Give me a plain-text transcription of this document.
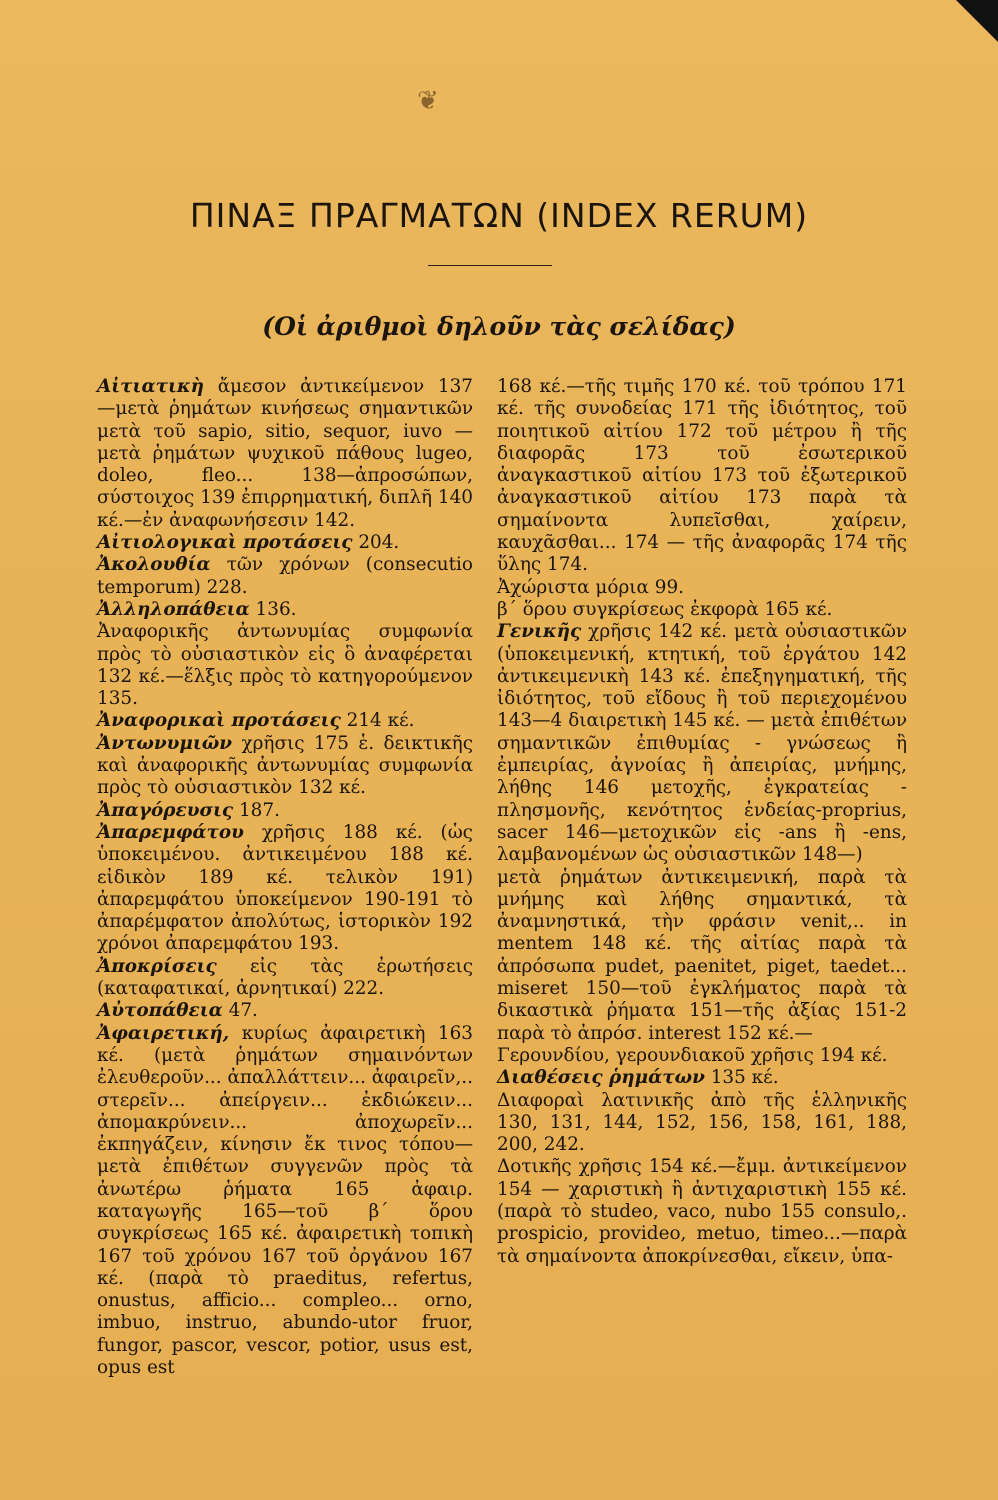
❦
ΠΙΝΑΞ ΠΡΑΓΜΑΤΩΝ (INDEX RERUM)
(Οἱ ἀριθμοὶ δηλοῦν τὰς σελίδας)

Αἰτιατικὴ ἄμεσον ἀντικείμενον 137 —μετὰ ῥημάτων κινήσεως σημαντικῶν μετὰ τοῦ sapio, sitio, sequor, iuvo —μετὰ ῥημάτων ψυχικοῦ πάθους lugeo, doleo, fleo... 138—ἀπροσώπων, σύστοιχος 139 ἐπιρρηματική, διπλῆ 140 κέ.—ἐν ἀναφωνήσεσιν 142.

Αἰτιολογικαὶ προτάσεις 204.

Ἀκολουθία τῶν χρόνων (consecutio temporum) 228.

Ἀλληλοπάθεια 136.

Ἀναφορικῆς ἀντωνυμίας συμφωνία πρὸς τὸ οὐσιαστικὸν εἰς ὃ ἀναφέρεται 132 κέ.—ἕλξις πρὸς τὸ κατηγορούμενον 135.

Ἀναφορικαὶ προτάσεις 214 κέ.

Ἀντωνυμιῶν χρῆσις 175 ἑ. δεικτικῆς καὶ ἀναφορικῆς ἀντωνυμίας συμφωνία πρὸς τὸ οὐσιαστικὸν 132 κέ.

Ἀπαγόρευσις 187.

Ἀπαρεμφάτου χρῆσις 188 κέ. (ὡς ὑποκειμένου. ἀντικειμένου 188 κέ. εἰδικὸν 189 κέ. τελικὸν 191) ἀπαρεμφάτου ὑποκείμενον 190-191 τὸ ἀπαρέμφατον ἀπολύτως, ἱστορικὸν 192 χρόνοι ἀπαρεμφάτου 193.

Ἀποκρίσεις εἰς τὰς ἐρωτήσεις (καταφατικαί, ἀρνητικαί) 222.

Αὐτοπάθεια 47.

Ἀφαιρετική, κυρίως ἀφαιρετικὴ 163 κέ. (μετὰ ῥημάτων σημαινόντων ἐλευθεροῦν... ἀπαλλάττειν... ἀφαιρεῖν,.. στερεῖν... ἀπείργειν... ἐκδιώκειν... ἀπομακρύνειν... ἀποχωρεῖν... ἐκπηγάζειν, κίνησιν ἔκ τινος τόπου—μετὰ ἐπιθέτων συγγενῶν πρὸς τὰ ἀνωτέρω ῥήματα 165 ἀφαιρ. καταγωγῆς 165—τοῦ β΄ ὅρου συγκρίσεως 165 κέ. ἀφαιρετικὴ τοπικὴ 167 τοῦ χρόνου 167 τοῦ ὀργάνου 167 κέ. (παρὰ τὸ praeditus, refertus, onustus, afficio... compleo... orno, imbuo, instruo, abundo-utor fruor, fungor, pascor, vescor, potior, usus est, opus est

168 κέ.—τῆς τιμῆς 170 κέ. τοῦ τρόπου 171 κέ. τῆς συνοδείας 171 τῆς ἰδιότητος, τοῦ ποιητικοῦ αἰτίου 172 τοῦ μέτρου ἢ τῆς διαφορᾶς 173 τοῦ ἐσωτερικοῦ ἀναγκαστικοῦ αἰτίου 173 τοῦ ἐξωτερικοῦ ἀναγκαστικοῦ αἰτίου 173 παρὰ τὰ σημαίνοντα λυπεῖσθαι, χαίρειν, καυχᾶσθαι... 174 — τῆς ἀναφορᾶς 174 τῆς ὕλης 174.

Ἀχώριστα μόρια 99.

β΄ ὅρου συγκρίσεως ἐκφορὰ 165 κέ.

Γενικῆς χρῆσις 142 κέ. μετὰ οὐσιαστικῶν (ὑποκειμενική, κτητική, τοῦ ἐργάτου 142 ἀντικειμενικὴ 143 κέ. ἐπεξηγηματική, τῆς ἰδιότητος, τοῦ εἴδους ἢ τοῦ περιεχομένου 143—4 διαιρετικὴ 145 κέ. — μετὰ ἐπιθέτων σημαντικῶν ἐπιθυμίας - γνώσεως ἢ ἐμπειρίας, ἀγνοίας ἢ ἀπειρίας, μνήμης, λήθης 146 μετοχῆς, ἐγκρατείας - πλησμονῆς, κενότητος ἐνδείας-proprius, sacer 146—μετοχικῶν εἰς -ans ἢ -ens, λαμβανομένων ὡς οὐσιαστικῶν 148—)

μετὰ ῥημάτων ἀντικειμενική, παρὰ τὰ μνήμης καὶ λήθης σημαντικά, τὰ ἀναμνηστικά, τὴν φράσιν venit,.. in mentem 148 κέ. τῆς αἰτίας παρὰ τὰ ἀπρόσωπα pudet, paenitet, piget, taedet... miseret 150—τοῦ ἐγκλήματος παρὰ τὰ δικαστικὰ ῥήματα 151—τῆς ἀξίας 151-2 παρὰ τὸ ἀπρόσ. interest 152 κέ.—

Γερουνδίου, γερουνδιακοῦ χρῆσις 194 κέ.

Διαθέσεις ῥημάτων 135 κέ.

Διαφοραὶ λατινικῆς ἀπὸ τῆς ἑλληνικῆς 130, 131, 144, 152, 156, 158, 161, 188, 200, 242.

Δοτικῆς χρῆσις 154 κέ.—ἔμμ. ἀντικείμενον 154 — χαριστικὴ ἢ ἀντιχαριστικὴ 155 κέ. (παρὰ τὸ studeo, vaco, nubo 155 consulo,. prospicio, provideo, metuo, timeo...—παρὰ τὰ σημαίνοντα ἀποκρίνεσθαι, εἴκειν, ὑπα-
